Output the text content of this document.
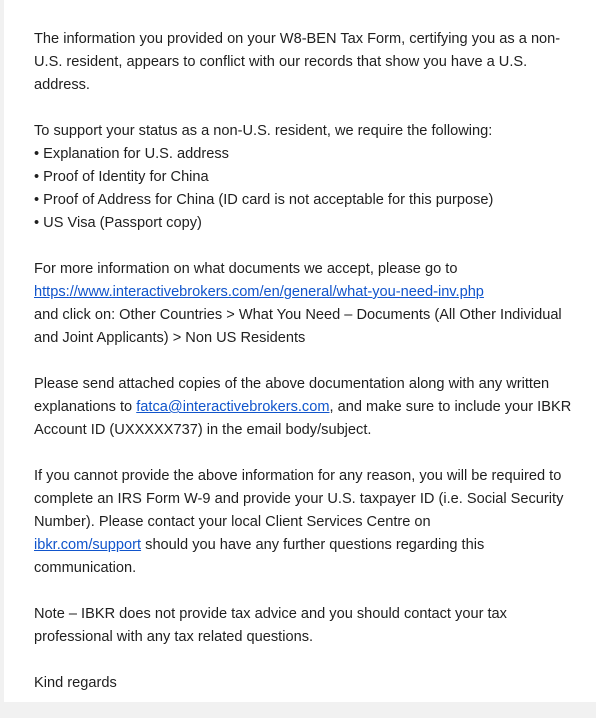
The information you provided on your W8-BEN Tax Form, certifying you as a non-U.S. resident, appears to conflict with our records that show you have a U.S. address.

To support your status as a non-U.S. resident, we require the following:
• Explanation for U.S. address
• Proof of Identity for China
• Proof of Address for China (ID card is not acceptable for this purpose)
• US Visa (Passport copy)
For more information on what documents we accept, please go to
https://www.interactivebrokers.com/en/general/what-you-need-inv.php
and click on: Other Countries > What You Need – Documents (All Other Individual and Joint Applicants) > Non US Residents

Please send attached copies of the above documentation along with any written explanations to fatca@interactivebrokers.com, and make sure to include your IBKR Account ID (UXXXXX737) in the email body/subject.

If you cannot provide the above information for any reason, you will be required to complete an IRS Form W-9 and provide your U.S. taxpayer ID (i.e. Social Security Number). Please contact your local Client Services Centre on
ibkr.com/support should you have any further questions regarding this communication.

Note – IBKR does not provide tax advice and you should contact your tax professional with any tax related questions.

Kind regards
